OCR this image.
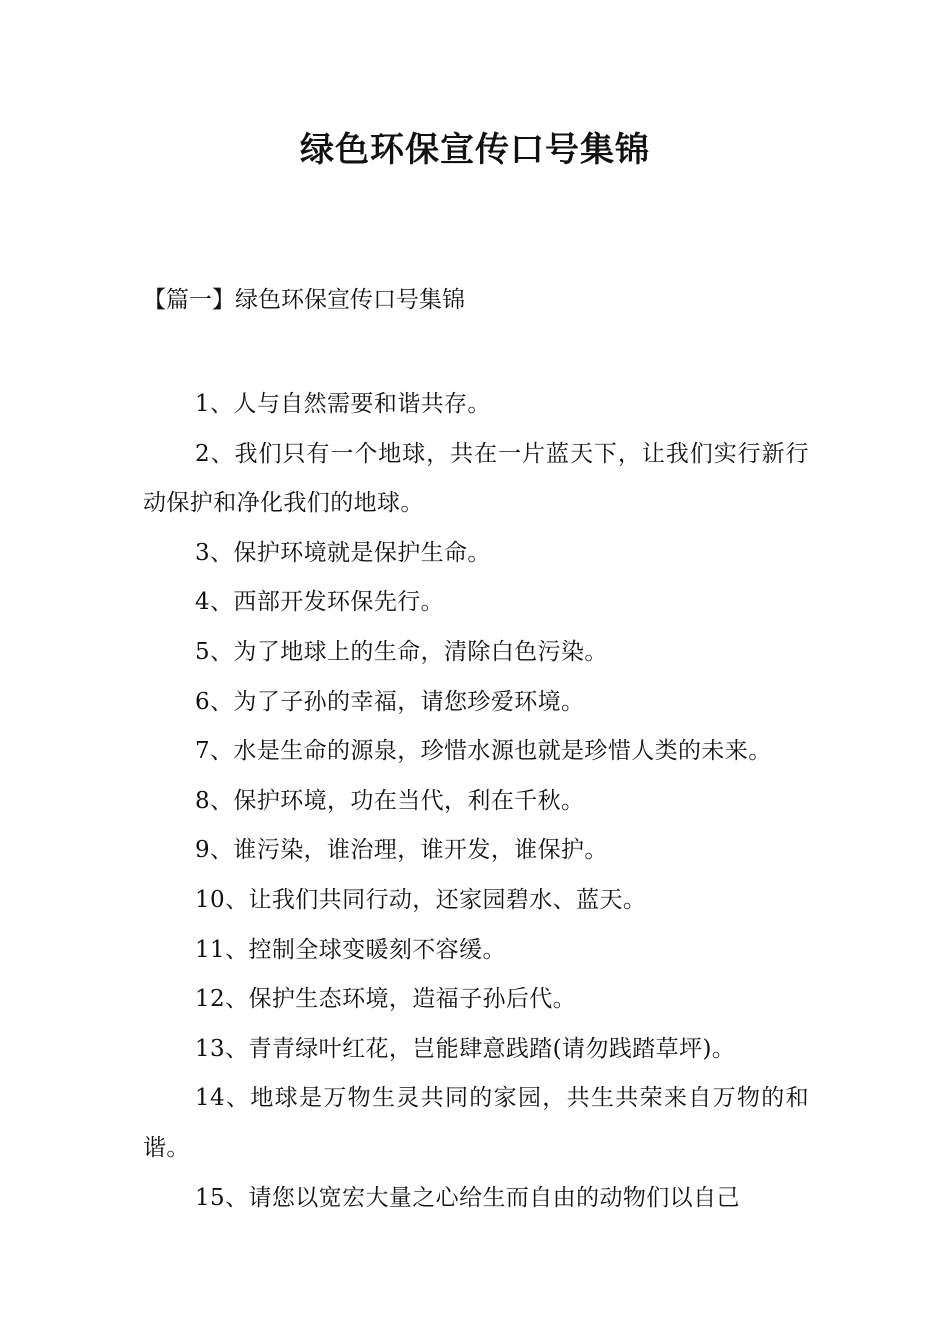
绿色环保宣传口号集锦
【篇一】绿色环保宣传口号集锦
1、人与自然需要和谐共存。
2、我们只有一个地球，共在一片蓝天下，让我们实行新行动保护和净化我们的地球。
3、保护环境就是保护生命。
4、西部开发环保先行。
5、为了地球上的生命，清除白色污染。
6、为了子孙的幸福，请您珍爱环境。
7、水是生命的源泉，珍惜水源也就是珍惜人类的未来。
8、保护环境，功在当代，利在千秋。
9、谁污染，谁治理，谁开发，谁保护。
10、让我们共同行动，还家园碧水、蓝天。
11、控制全球变暖刻不容缓。
12、保护生态环境，造福子孙后代。
13、青青绿叶红花，岂能肆意践踏(请勿践踏草坪)。
14、地球是万物生灵共同的家园，共生共荣来自万物的和谐。
15、请您以宽宏大量之心给生而自由的动物们以自己
